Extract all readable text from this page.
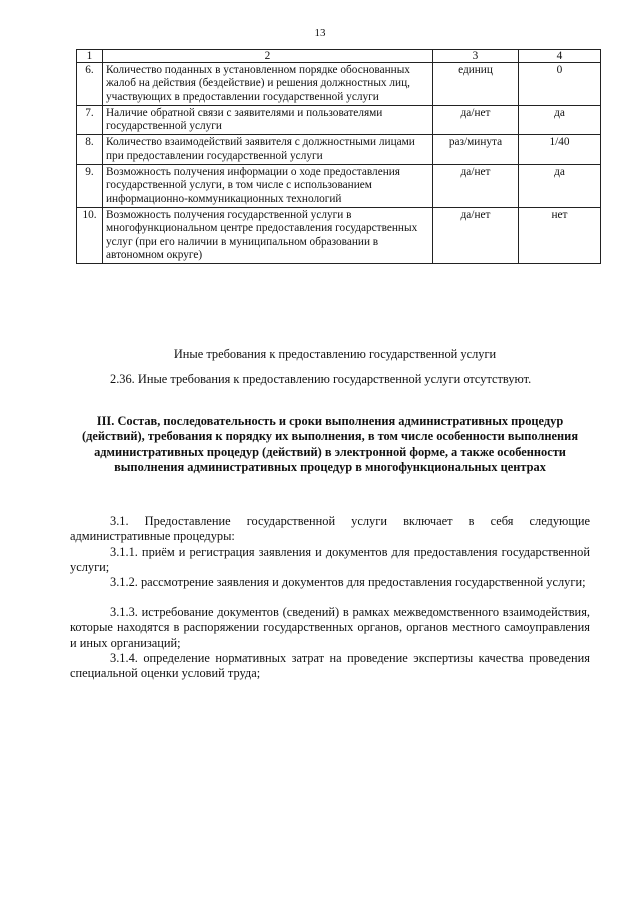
13
1	2	3	4
6.	Количество поданных в установленном порядке обоснованных жалоб на действия (бездействие) и решения должностных лиц, участвующих в предоставлении государственной услуги	единиц	0
7.	Наличие обратной связи с заявителями и пользователями государственной услуги	да/нет	да
8.	Количество взаимодействий заявителя с должностными лицами при предоставлении государственной услуги	раз/минута	1/40
9.	Возможность получения информации о ходе предоставления государственной услуги, в том числе с использованием информационно-коммуникационных технологий	да/нет	да
10.	Возможность получения государственной услуги в многофункциональном центре предоставления государственных услуг (при его наличии в муниципальном образовании в автономном округе)	да/нет	нет
Иные требования к предоставлению государственной услуги
2.36. Иные требования к предоставлению государственной услуги отсутствуют.
III. Состав, последовательность и сроки выполнения административных процедур (действий), требования к порядку их выполнения, в том числе особенности выполнения административных процедур (действий) в электронной форме, а также особенности выполнения административных процедур в многофункциональных центрах
3.1. Предоставление государственной услуги включает в себя следующие административные процедуры:
3.1.1. приём и регистрация заявления и документов для предоставления государственной услуги;
3.1.2. рассмотрение заявления и документов для предоставления государственной услуги;
3.1.3. истребование документов (сведений) в рамках межведомственного взаимодействия, которые находятся в распоряжении государственных органов, органов местного самоуправления и иных организаций;
3.1.4. определение нормативных затрат на проведение экспертизы качества проведения специальной оценки условий труда;
